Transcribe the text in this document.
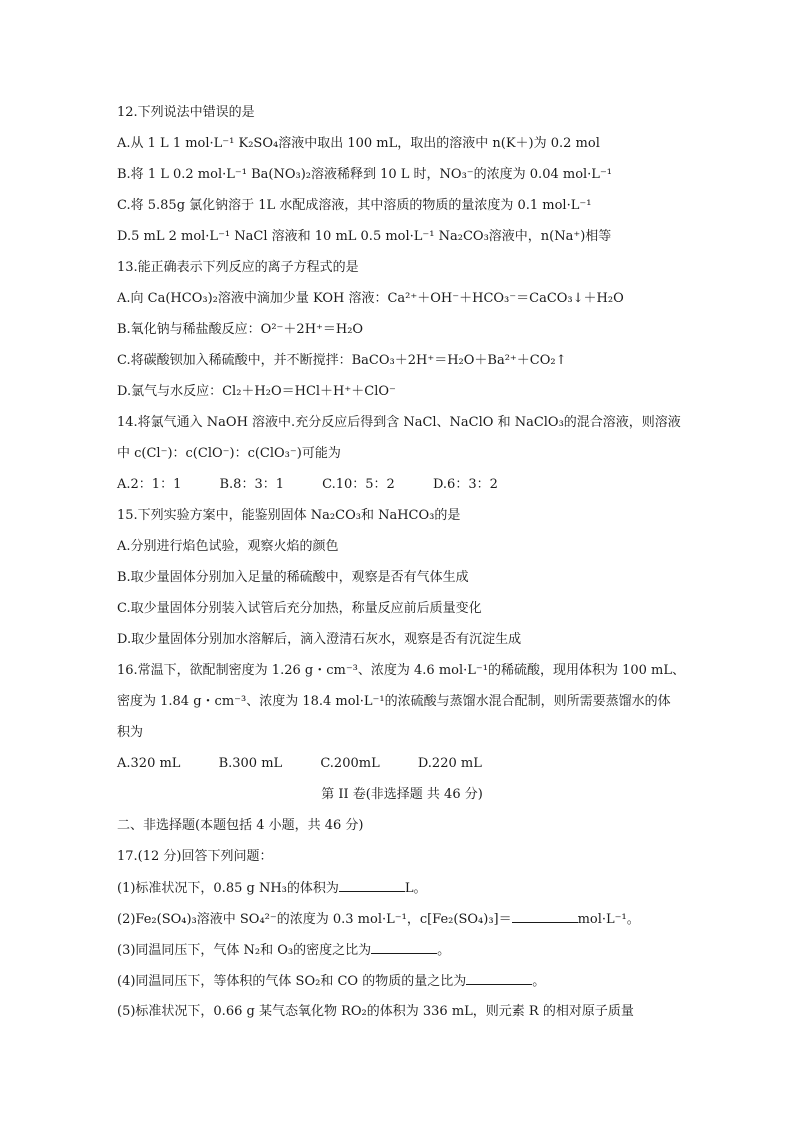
12.下列说法中错误的是
A.从 1 L 1 mol·L⁻¹ K₂SO₄溶液中取出 100 mL，取出的溶液中 n(K＋)为 0.2 mol
B.将 1 L 0.2 mol·L⁻¹ Ba(NO₃)₂溶液稀释到 10 L 时，NO₃⁻的浓度为 0.04 mol·L⁻¹
C.将 5.85g 氯化钠溶于 1L 水配成溶液，其中溶质的物质的量浓度为 0.1 mol·L⁻¹
D.5 mL 2 mol·L⁻¹ NaCl 溶液和 10 mL 0.5 mol·L⁻¹ Na₂CO₃溶液中，n(Na⁺)相等
13.能正确表示下列反应的离子方程式的是
A.向 Ca(HCO₃)₂溶液中滴加少量 KOH 溶液：Ca²⁺＋OH⁻＋HCO₃⁻＝CaCO₃↓＋H₂O
B.氧化钠与稀盐酸反应：O²⁻＋2H⁺＝H₂O
C.将碳酸钡加入稀硫酸中，并不断搅拌：BaCO₃＋2H⁺＝H₂O＋Ba²⁺＋CO₂↑
D.氯气与水反应：Cl₂＋H₂O＝HCl＋H⁺＋ClO⁻
14.将氯气通入 NaOH 溶液中.充分反应后得到含 NaCl、NaClO 和 NaClO₃的混合溶液，则溶液
中 c(Cl⁻)：c(ClO⁻)：c(ClO₃⁻)可能为
A.2：1：1	B.8：3：1	C.10：5：2	D.6：3：2
15.下列实验方案中，能鉴别固体 Na₂CO₃和 NaHCO₃的是
A.分别进行焰色试验，观察火焰的颜色
B.取少量固体分别加入足量的稀硫酸中，观察是否有气体生成
C.取少量固体分别装入试管后充分加热，称量反应前后质量变化
D.取少量固体分别加水溶解后，滴入澄清石灰水，观察是否有沉淀生成
16.常温下，欲配制密度为 1.26 g・cm⁻³、浓度为 4.6 mol·L⁻¹的稀硫酸，现用体积为 100 mL、
密度为 1.84 g・cm⁻³、浓度为 18.4 mol·L⁻¹的浓硫酸与蒸馏水混合配制，则所需要蒸馏水的体
积为
A.320 mL	B.300 mL	C.200mL	D.220 mL
第 II 卷(非选择题 共 46 分)
二、非选择题(本题包括 4 小题，共 46 分)
17.(12 分)回答下列问题：
(1)标准状况下，0.85 g NH₃的体积为	L。
(2)Fe₂(SO₄)₃溶液中 SO₄²⁻的浓度为 0.3 mol·L⁻¹，c[Fe₂(SO₄)₃]＝	mol·L⁻¹。
(3)同温同压下，气体 N₂和 O₃的密度之比为	。
(4)同温同压下，等体积的气体 SO₂和 CO 的物质的量之比为	。
(5)标准状况下，0.66 g 某气态氧化物 RO₂的体积为 336 mL，则元素 R 的相对原子质量
